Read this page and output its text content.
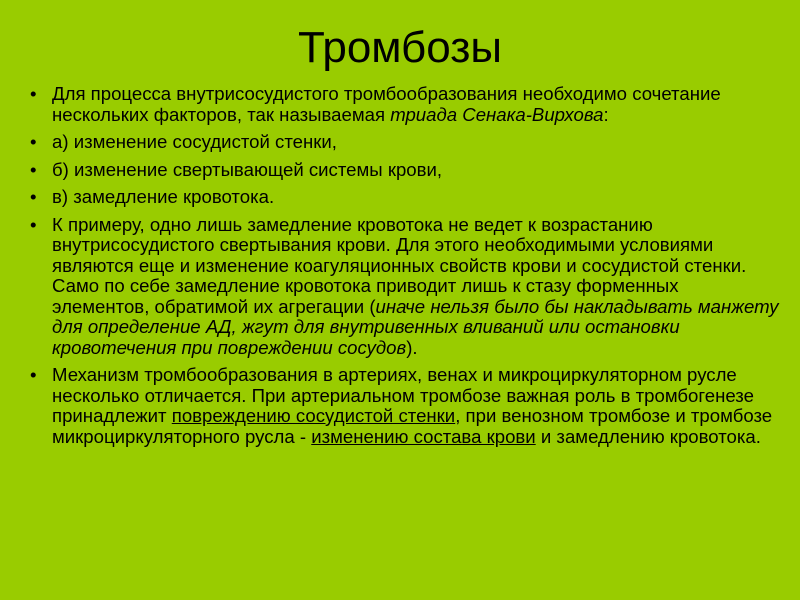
Тромбозы
• Для процесса внутрисосудистого тромбообразования необходимо сочетание нескольких факторов, так называемая триада Сенака-Вирхова:
• а) изменение сосудистой стенки,
• б) изменение свертывающей системы крови,
• в) замедление кровотока.
• К примеру, одно лишь замедление кровотока не ведет к возрастанию внутрисосудистого свертывания крови. Для этого необходимыми условиями являются еще и изменение коагуляционных свойств крови и сосудистой стенки. Само по себе замедление кровотока приводит лишь к стазу форменных элементов, обратимой их агрегации (иначе нельзя было бы накладывать манжету для определение АД, жгут для внутривенных вливаний или остановки кровотечения при повреждении сосудов).
• Механизм тромбообразования в артериях, венах и микроциркуляторном русле несколько отличается. При артериальном тромбозе важная роль в тромбогенезе принадлежит повреждению сосудистой стенки, при венозном тромбозе и тромбозе микроциркуляторного русла - изменению состава крови и замедлению кровотока.
